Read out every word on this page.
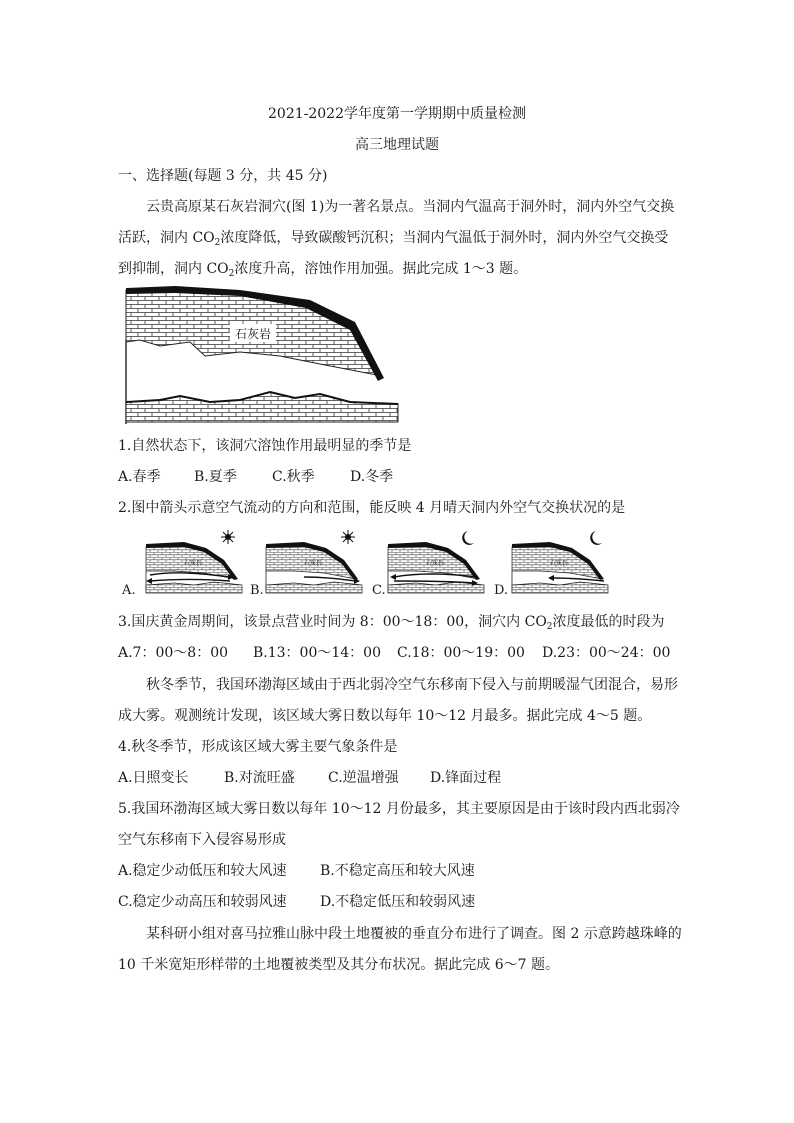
2021-2022学年度第一学期期中质量检测
高三地理试题
一、选择题(每题 3 分，共 45 分)
云贵高原某石灰岩洞穴(图 1)为一著名景点。当洞内气温高于洞外时，洞内外空气交换
活跃，洞内 $CO_2$浓度降低，导致碳酸钙沉积；当洞内气温低于洞外时，洞内外空气交换受
到抑制，洞内 $CO_2$浓度升高，溶蚀作用加强。据此完成 1～3 题。
石灰岩
1.自然状态下，该洞穴溶蚀作用最明显的季节是
A.春季 B.夏季	C.秋季	D.冬季
2.图中箭头示意空气流动的方向和范围，能反映 4 月晴天洞内外空气交换状况的是
A.	B.	C.	D.
石灰岩	石灰岩	石灰岩	石灰岩
3.国庆黄金周期间，该景点营业时间为 8：00～18：00，洞穴内 $CO_2$浓度最低的时段为
A.7：00～8：00 B.13：00～14：00 C.18：00～19：00 D.23：00～24：00
秋冬季节，我国环渤海区域由于西北弱冷空气东移南下侵入与前期暖湿气团混合，易形
成大雾。观测统计发现，该区域大雾日数以每年 10～12 月最多。据此完成 4～5 题。
4.秋冬季节，形成该区域大雾主要气象条件是
A.日照变长	B.对流旺盛 C.逆温增强 D.锋面过程
5.我国环渤海区域大雾日数以每年 10～12 月份最多，其主要原因是由于该时段内西北弱冷
空气东移南下入侵容易形成
A.稳定少动低压和较大风速 B.不稳定高压和较大风速
C.稳定少动高压和较弱风速 D.不稳定低压和较弱风速
某科研小组对喜马拉雅山脉中段土地覆被的垂直分布进行了调查。图 2 示意跨越珠峰的
10 千米宽矩形样带的土地覆被类型及其分布状况。据此完成 6～7 题。
